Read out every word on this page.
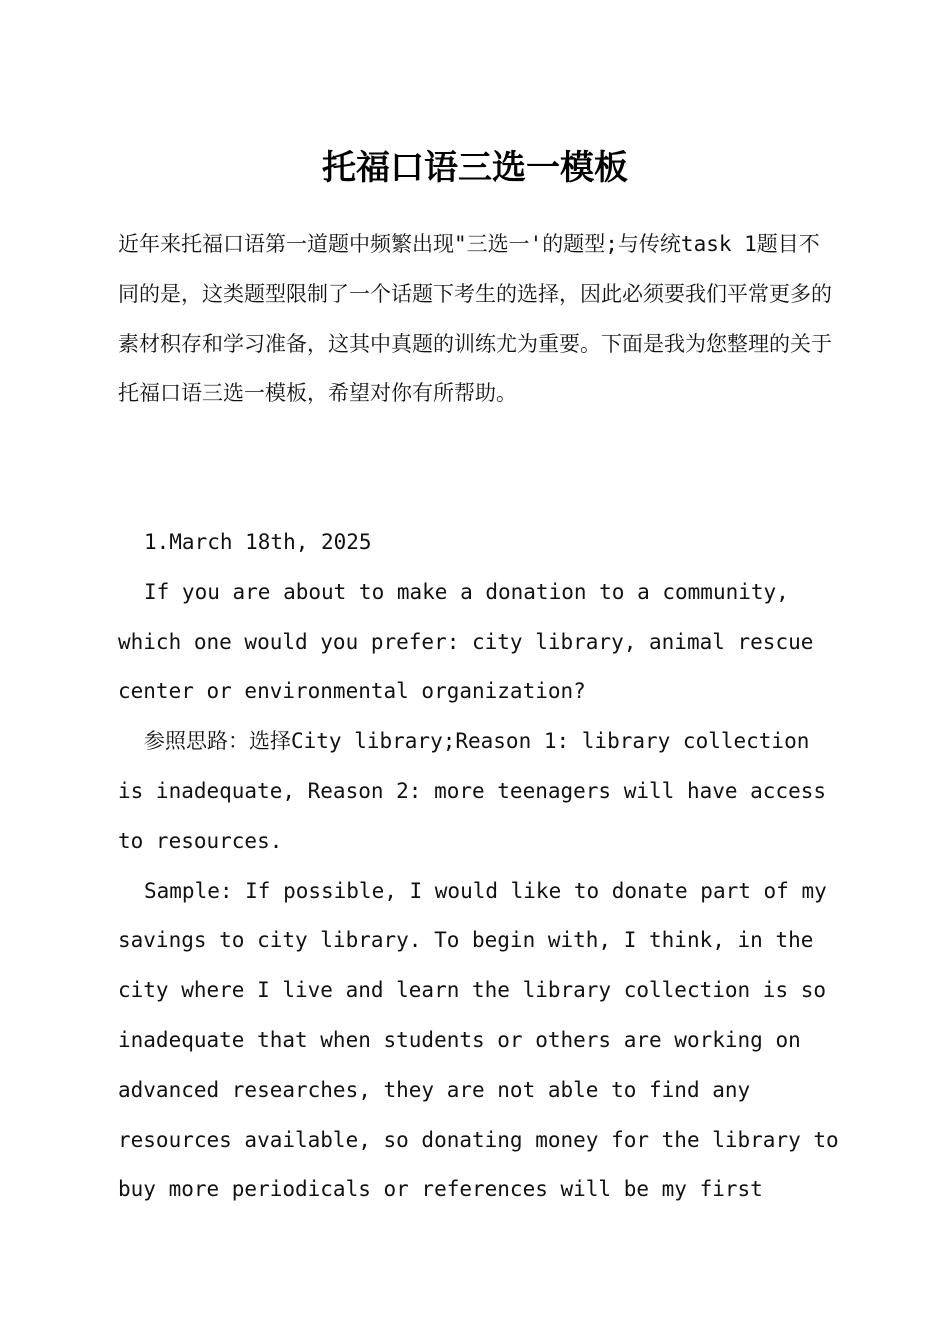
托福口语三选一模板

近年来托福口语第一道题中频繁出现"三选一'的题型;与传统task 1题目不同的是，这类题型限制了一个话题下考生的选择，因此必须要我们平常更多的素材积存和学习准备，这其中真题的训练尤为重要。下面是我为您整理的关于托福口语三选一模板，希望对你有所帮助。

1.March 18th, 2025

If you are about to make a donation to a community, which one would you prefer: city library, animal rescue center or environmental organization?

参照思路：选择City library;Reason 1: library collection is inadequate, Reason 2: more teenagers will have access to resources.

Sample: If possible, I would like to donate part of my savings to city library. To begin with, I think, in the city where I live and learn the library collection is so inadequate that when students or others are working on advanced researches, they are not able to find any resources available, so donating money for the library to buy more periodicals or references will be my first
